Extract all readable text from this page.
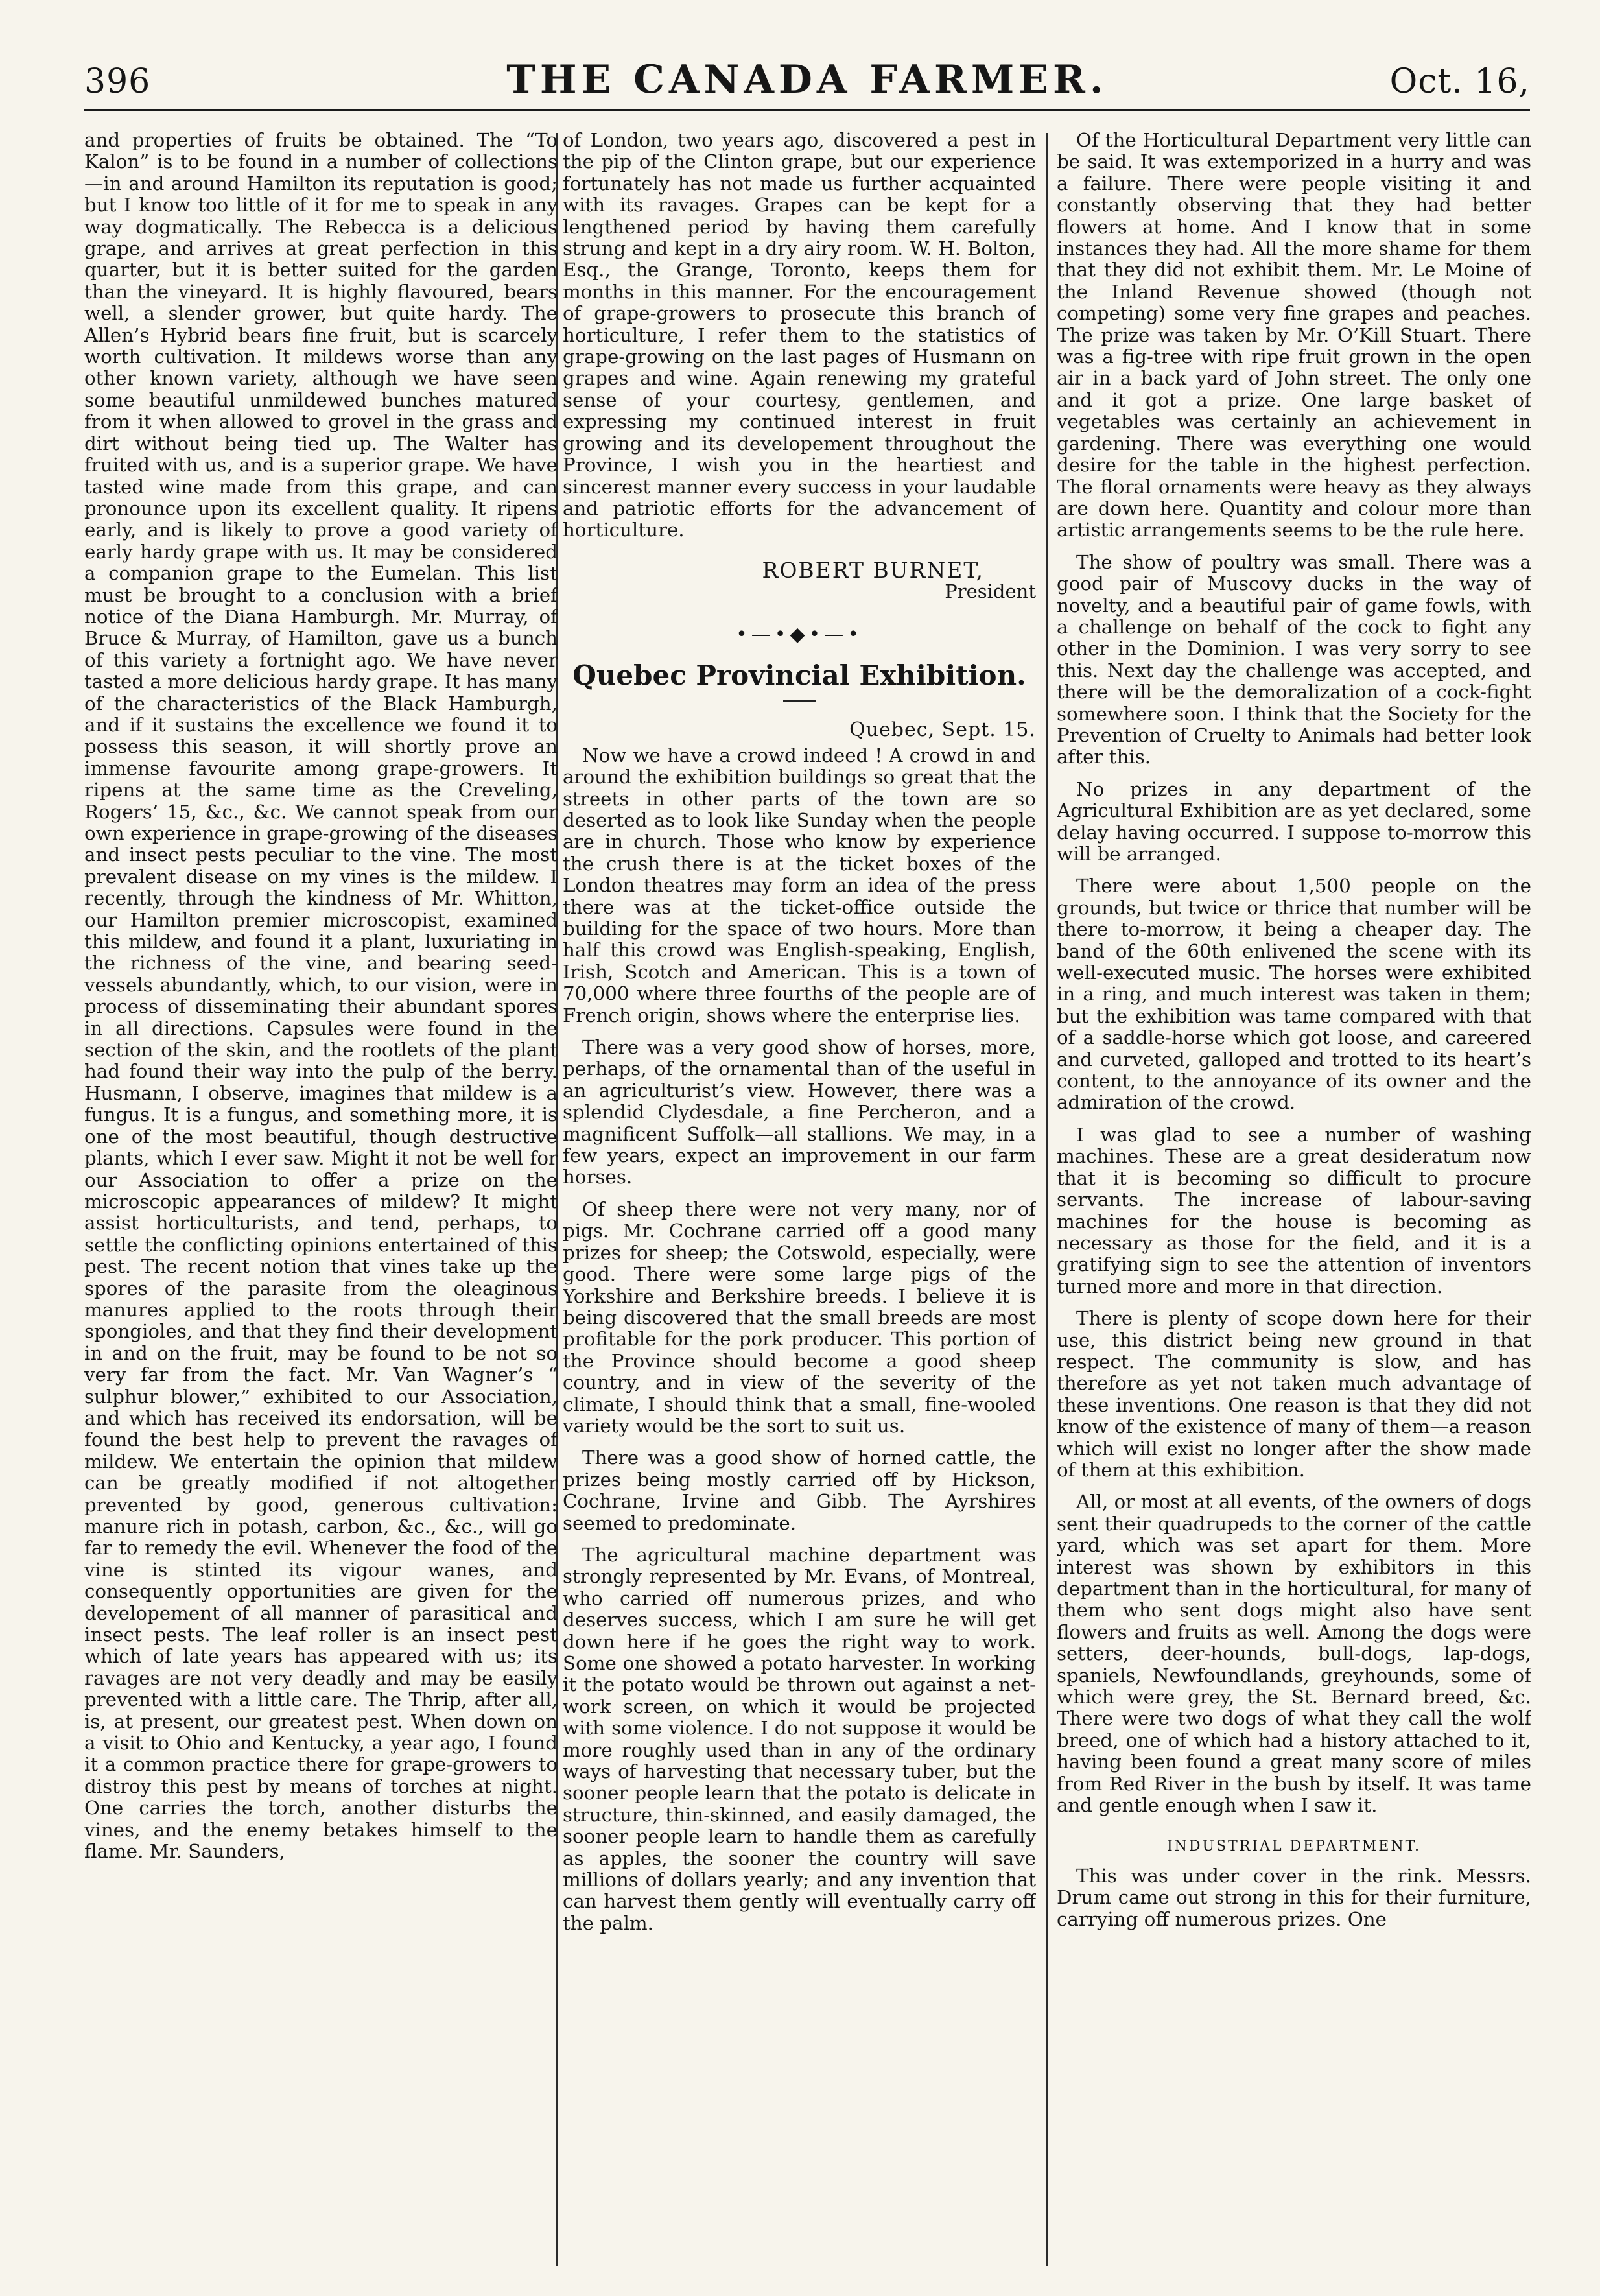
396	THE CANADA FARMER.	Oct. 16,

and properties of fruits be obtained. The “To Kalon” is to be found in a number of collections—in and around Hamilton its reputation is good; but I know too little of it for me to speak in any way dogmatically. The Rebecca is a delicious grape, and arrives at great perfection in this quarter, but it is better suited for the garden than the vineyard. It is highly flavoured, bears well, a slender grower, but quite hardy. The Allen’s Hybrid bears fine fruit, but is scarcely worth cultivation. It mildews worse than any other known variety, although we have seen some beautiful unmildewed bunches matured from it when allowed to grovel in the grass and dirt without being tied up. The Walter has fruited with us, and is a superior grape. We have tasted wine made from this grape, and can pronounce upon its excellent quality. It ripens early, and is likely to prove a good variety of early hardy grape with us. It may be considered a companion grape to the Eumelan. This list must be brought to a conclusion with a brief notice of the Diana Hamburgh. Mr. Murray, of Bruce & Murray, of Hamilton, gave us a bunch of this variety a fortnight ago. We have never tasted a more delicious hardy grape. It has many of the characteristics of the Black Hamburgh, and if it sustains the excellence we found it to possess this season, it will shortly prove an immense favourite among grape-growers. It ripens at the same time as the Creveling, Rogers’ 15, &c., &c. We cannot speak from our own experience in grape-growing of the diseases and insect pests peculiar to the vine. The most prevalent disease on my vines is the mildew. I recently, through the kindness of Mr. Whitton, our Hamilton premier microscopist, examined this mildew, and found it a plant, luxuriating in the richness of the vine, and bearing seed-vessels abundantly, which, to our vision, were in process of disseminating their abundant spores in all directions. Capsules were found in the section of the skin, and the rootlets of the plant had found their way into the pulp of the berry. Husmann, I observe, imagines that mildew is a fungus. It is a fungus, and something more, it is one of the most beautiful, though destructive plants, which I ever saw. Might it not be well for our Association to offer a prize on the microscopic appearances of mildew? It might assist horticulturists, and tend, perhaps, to settle the conflicting opinions entertained of this pest. The recent notion that vines take up the spores of the parasite from the oleaginous manures applied to the roots through their spongioles, and that they find their development in and on the fruit, may be found to be not so very far from the fact. Mr. Van Wagner’s “ sulphur blower,” exhibited to our Association, and which has received its endorsation, will be found the best help to prevent the ravages of mildew. We entertain the opinion that mildew can be greatly modified if not altogether prevented by good, generous cultivation: manure rich in potash, carbon, &c., &c., will go far to remedy the evil. Whenever the food of the vine is stinted its vigour wanes, and consequently opportunities are given for the developement of all manner of parasitical and insect pests. The leaf roller is an insect pest which of late years has appeared with us; its ravages are not very deadly and may be easily prevented with a little care. The Thrip, after all, is, at present, our greatest pest. When down on a visit to Ohio and Kentucky, a year ago, I found it a common practice there for grape-growers to distroy this pest by means of torches at night. One carries the torch, another disturbs the vines, and the enemy betakes himself to the flame. Mr. Saunders,

of London, two years ago, discovered a pest in the pip of the Clinton grape, but our experience fortunately has not made us further acquainted with its ravages. Grapes can be kept for a lengthened period by having them carefully strung and kept in a dry airy room. W. H. Bolton, Esq., the Grange, Toronto, keeps them for months in this manner. For the encouragement of grape-growers to prosecute this branch of horticulture, I refer them to the statistics of grape-growing on the last pages of Husmann on grapes and wine. Again renewing my grateful sense of your courtesy, gentlemen, and expressing my continued interest in fruit growing and its developement throughout the Province, I wish you in the heartiest and sincerest manner every success in your laudable and patriotic efforts for the advancement of horticulture.

ROBERT BURNET,
President
•—•◆•—•
Quebec Provincial Exhibition.
Quebec, Sept. 15.

Now we have a crowd indeed ! A crowd in and around the exhibition buildings so great that the streets in other parts of the town are so deserted as to look like Sunday when the people are in church. Those who know by experience the crush there is at the ticket boxes of the London theatres may form an idea of the press there was at the ticket-office outside the building for the space of two hours. More than half this crowd was English-speaking, English, Irish, Scotch and American. This is a town of 70,000 where three fourths of the people are of French origin, shows where the enterprise lies.

There was a very good show of horses, more, perhaps, of the ornamental than of the useful in an agriculturist’s view. However, there was a splendid Clydesdale, a fine Percheron, and a magnificent Suffolk—all stallions. We may, in a few years, expect an improvement in our farm horses.

Of sheep there were not very many, nor of pigs. Mr. Cochrane carried off a good many prizes for sheep; the Cotswold, especially, were good. There were some large pigs of the Yorkshire and Berkshire breeds. I believe it is being discovered that the small breeds are most profitable for the pork producer. This portion of the Province should become a good sheep country, and in view of the severity of the climate, I should think that a small, fine-wooled variety would be the sort to suit us.

There was a good show of horned cattle, the prizes being mostly carried off by Hickson, Cochrane, Irvine and Gibb. The Ayrshires seemed to predominate.

The agricultural machine department was strongly represented by Mr. Evans, of Montreal, who carried off numerous prizes, and who deserves success, which I am sure he will get down here if he goes the right way to work. Some one showed a potato harvester. In working it the potato would be thrown out against a net-work screen, on which it would be projected with some violence. I do not suppose it would be more roughly used than in any of the ordinary ways of harvesting that necessary tuber, but the sooner people learn that the potato is delicate in structure, thin-skinned, and easily damaged, the sooner people learn to handle them as carefully as apples, the sooner the country will save millions of dollars yearly; and any invention that can harvest them gently will eventually carry off the palm.

Of the Horticultural Department very little can be said. It was extemporized in a hurry and was a failure. There were people visiting it and constantly observing that they had better flowers at home. And I know that in some instances they had. All the more shame for them that they did not exhibit them. Mr. Le Moine of the Inland Revenue showed (though not competing) some very fine grapes and peaches. The prize was taken by Mr. O’Kill Stuart. There was a fig-tree with ripe fruit grown in the open air in a back yard of John street. The only one and it got a prize. One large basket of vegetables was certainly an achievement in gardening. There was everything one would desire for the table in the highest perfection. The floral ornaments were heavy as they always are down here. Quantity and colour more than artistic arrangements seems to be the rule here.

The show of poultry was small. There was a good pair of Muscovy ducks in the way of novelty, and a beautiful pair of game fowls, with a challenge on behalf of the cock to fight any other in the Dominion. I was very sorry to see this. Next day the challenge was accepted, and there will be the demoralization of a cock-fight somewhere soon. I think that the Society for the Prevention of Cruelty to Animals had better look after this.

No prizes in any department of the Agricultural Exhibition are as yet declared, some delay having occurred. I suppose to-morrow this will be arranged.

There were about 1,500 people on the grounds, but twice or thrice that number will be there to-morrow, it being a cheaper day. The band of the 60th enlivened the scene with its well-executed music. The horses were exhibited in a ring, and much interest was taken in them; but the exhibition was tame compared with that of a saddle-horse which got loose, and careered and curveted, galloped and trotted to its heart’s content, to the annoyance of its owner and the admiration of the crowd.

I was glad to see a number of washing machines. These are a great desideratum now that it is becoming so difficult to procure servants. The increase of labour-saving machines for the house is becoming as necessary as those for the field, and it is a gratifying sign to see the attention of inventors turned more and more in that direction.

There is plenty of scope down here for their use, this district being new ground in that respect. The community is slow, and has therefore as yet not taken much advantage of these inventions. One reason is that they did not know of the existence of many of them—a reason which will exist no longer after the show made of them at this exhibition.

All, or most at all events, of the owners of dogs sent their quadrupeds to the corner of the cattle yard, which was set apart for them. More interest was shown by exhibitors in this department than in the horticultural, for many of them who sent dogs might also have sent flowers and fruits as well. Among the dogs were setters, deer-hounds, bull-dogs, lap-dogs, spaniels, Newfoundlands, greyhounds, some of which were grey, the St. Bernard breed, &c. There were two dogs of what they call the wolf breed, one of which had a history attached to it, having been found a great many score of miles from Red River in the bush by itself. It was tame and gentle enough when I saw it.

INDUSTRIAL DEPARTMENT.

This was under cover in the rink. Messrs. Drum came out strong in this for their furniture, carrying off numerous prizes. One
